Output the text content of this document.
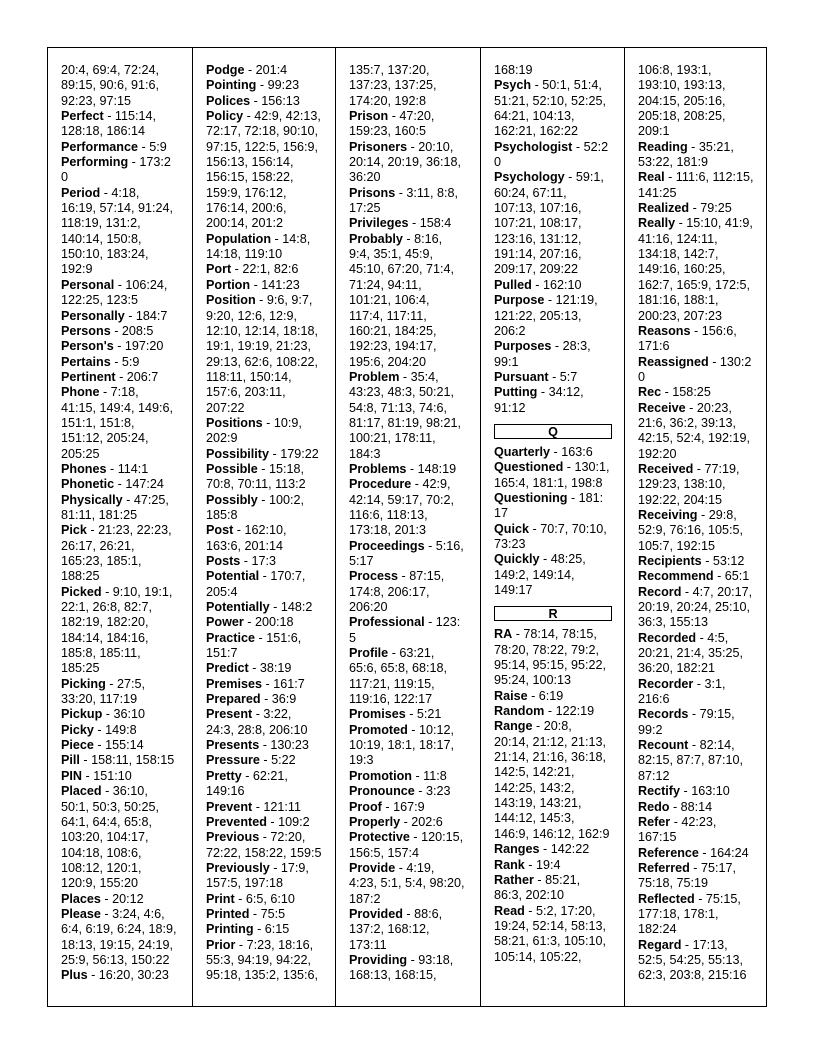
20:4, 69:4, 72:24,
89:15, 90:6, 91:6,
92:23, 97:15
Perfect - 115:14,
128:18, 186:14
Performance - 5:9
Performing - 173:2
0
Period - 4:18,
16:19, 57:14, 91:24,
118:19, 131:2,
140:14, 150:8,
150:10, 183:24,
192:9
Personal - 106:24,
122:25, 123:5
Personally - 184:7
Persons - 208:5
Person's - 197:20
Pertains - 5:9
Pertinent - 206:7
Phone - 7:18,
41:15, 149:4, 149:6,
151:1, 151:8,
151:12, 205:24,
205:25
Phones - 114:1
Phonetic - 147:24
Physically - 47:25,
81:11, 181:25
Pick - 21:23, 22:23,
26:17, 26:21,
165:23, 185:1,
188:25
Picked - 9:10, 19:1,
22:1, 26:8, 82:7,
182:19, 182:20,
184:14, 184:16,
185:8, 185:11,
185:25
Picking - 27:5,
33:20, 117:19
Pickup - 36:10
Picky - 149:8
Piece - 155:14
Pill - 158:11, 158:15
PIN - 151:10
Placed - 36:10,
50:1, 50:3, 50:25,
64:1, 64:4, 65:8,
103:20, 104:17,
104:18, 108:6,
108:12, 120:1,
120:9, 155:20
Places - 20:12
Please - 3:24, 4:6,
6:4, 6:19, 6:24, 18:9,
18:13, 19:15, 24:19,
25:9, 56:13, 150:22
Plus - 16:20, 30:23
Podge - 201:4
Pointing - 99:23
Polices - 156:13
Policy - 42:9, 42:13,
72:17, 72:18, 90:10,
97:15, 122:5, 156:9,
156:13, 156:14,
156:15, 158:22,
159:9, 176:12,
176:14, 200:6,
200:14, 201:2
Population - 14:8,
14:18, 119:10
Port - 22:1, 82:6
Portion - 141:23
Position - 9:6, 9:7,
9:20, 12:6, 12:9,
12:10, 12:14, 18:18,
19:1, 19:19, 21:23,
29:13, 62:6, 108:22,
118:11, 150:14,
157:6, 203:11,
207:22
Positions - 10:9,
202:9
Possibility - 179:22
Possible - 15:18,
70:8, 70:11, 113:2
Possibly - 100:2,
185:8
Post - 162:10,
163:6, 201:14
Posts - 17:3
Potential - 170:7,
205:4
Potentially - 148:2
Power - 200:18
Practice - 151:6,
151:7
Predict - 38:19
Premises - 161:7
Prepared - 36:9
Present - 3:22,
24:3, 28:8, 206:10
Presents - 130:23
Pressure - 5:22
Pretty - 62:21,
149:16
Prevent - 121:11
Prevented - 109:2
Previous - 72:20,
72:22, 158:22, 159:5
Previously - 17:9,
157:5, 197:18
Print - 6:5, 6:10
Printed - 75:5
Printing - 6:15
Prior - 7:23, 18:16,
55:3, 94:19, 94:22,
95:18, 135:2, 135:6,
135:7, 137:20,
137:23, 137:25,
174:20, 192:8
Prison - 47:20,
159:23, 160:5
Prisoners - 20:10,
20:14, 20:19, 36:18,
36:20
Prisons - 3:11, 8:8,
17:25
Privileges - 158:4
Probably - 8:16,
9:4, 35:1, 45:9,
45:10, 67:20, 71:4,
71:24, 94:11,
101:21, 106:4,
117:4, 117:11,
160:21, 184:25,
192:23, 194:17,
195:6, 204:20
Problem - 35:4,
43:23, 48:3, 50:21,
54:8, 71:13, 74:6,
81:17, 81:19, 98:21,
100:21, 178:11,
184:3
Problems - 148:19
Procedure - 42:9,
42:14, 59:17, 70:2,
116:6, 118:13,
173:18, 201:3
Proceedings - 5:16,
5:17
Process - 87:15,
174:8, 206:17,
206:20
Professional - 123:
5
Profile - 63:21,
65:6, 65:8, 68:18,
117:21, 119:15,
119:16, 122:17
Promises - 5:21
Promoted - 10:12,
10:19, 18:1, 18:17,
19:3
Promotion - 11:8
Pronounce - 3:23
Proof - 167:9
Properly - 202:6
Protective - 120:15,
156:5, 157:4
Provide - 4:19,
4:23, 5:1, 5:4, 98:20,
187:2
Provided - 88:6,
137:2, 168:12,
173:11
Providing - 93:18,
168:13, 168:15,
168:19
Psych - 50:1, 51:4,
51:21, 52:10, 52:25,
64:21, 104:13,
162:21, 162:22
Psychologist - 52:2
0
Psychology - 59:1,
60:24, 67:11,
107:13, 107:16,
107:21, 108:17,
123:16, 131:12,
191:14, 207:16,
209:17, 209:22
Pulled - 162:10
Purpose - 121:19,
121:22, 205:13,
206:2
Purposes - 28:3,
99:1
Pursuant - 5:7
Putting - 34:12,
91:12
Q
Quarterly - 163:6
Questioned - 130:1,
165:4, 181:1, 198:8
Questioning - 181:
17
Quick - 70:7, 70:10,
73:23
Quickly - 48:25,
149:2, 149:14,
149:17
R
RA - 78:14, 78:15,
78:20, 78:22, 79:2,
95:14, 95:15, 95:22,
95:24, 100:13
Raise - 6:19
Random - 122:19
Range - 20:8,
20:14, 21:12, 21:13,
21:14, 21:16, 36:18,
142:5, 142:21,
142:25, 143:2,
143:19, 143:21,
144:12, 145:3,
146:9, 146:12, 162:9
Ranges - 142:22
Rank - 19:4
Rather - 85:21,
86:3, 202:10
Read - 5:2, 17:20,
19:24, 52:14, 58:13,
58:21, 61:3, 105:10,
105:14, 105:22,
106:8, 193:1,
193:10, 193:13,
204:15, 205:16,
205:18, 208:25,
209:1
Reading - 35:21,
53:22, 181:9
Real - 111:6, 112:15,
141:25
Realized - 79:25
Really - 15:10, 41:9,
41:16, 124:11,
134:18, 142:7,
149:16, 160:25,
162:7, 165:9, 172:5,
181:16, 188:1,
200:23, 207:23
Reasons - 156:6,
171:6
Reassigned - 130:2
0
Rec - 158:25
Receive - 20:23,
21:6, 36:2, 39:13,
42:15, 52:4, 192:19,
192:20
Received - 77:19,
129:23, 138:10,
192:22, 204:15
Receiving - 29:8,
52:9, 76:16, 105:5,
105:7, 192:15
Recipients - 53:12
Recommend - 65:1
Record - 4:7, 20:17,
20:19, 20:24, 25:10,
36:3, 155:13
Recorded - 4:5,
20:21, 21:4, 35:25,
36:20, 182:21
Recorder - 3:1,
216:6
Records - 79:15,
99:2
Recount - 82:14,
82:15, 87:7, 87:10,
87:12
Rectify - 163:10
Redo - 88:14
Refer - 42:23,
167:15
Reference - 164:24
Referred - 75:17,
75:18, 75:19
Reflected - 75:15,
177:18, 178:1,
182:24
Regard - 17:13,
52:5, 54:25, 55:13,
62:3, 203:8, 215:16
